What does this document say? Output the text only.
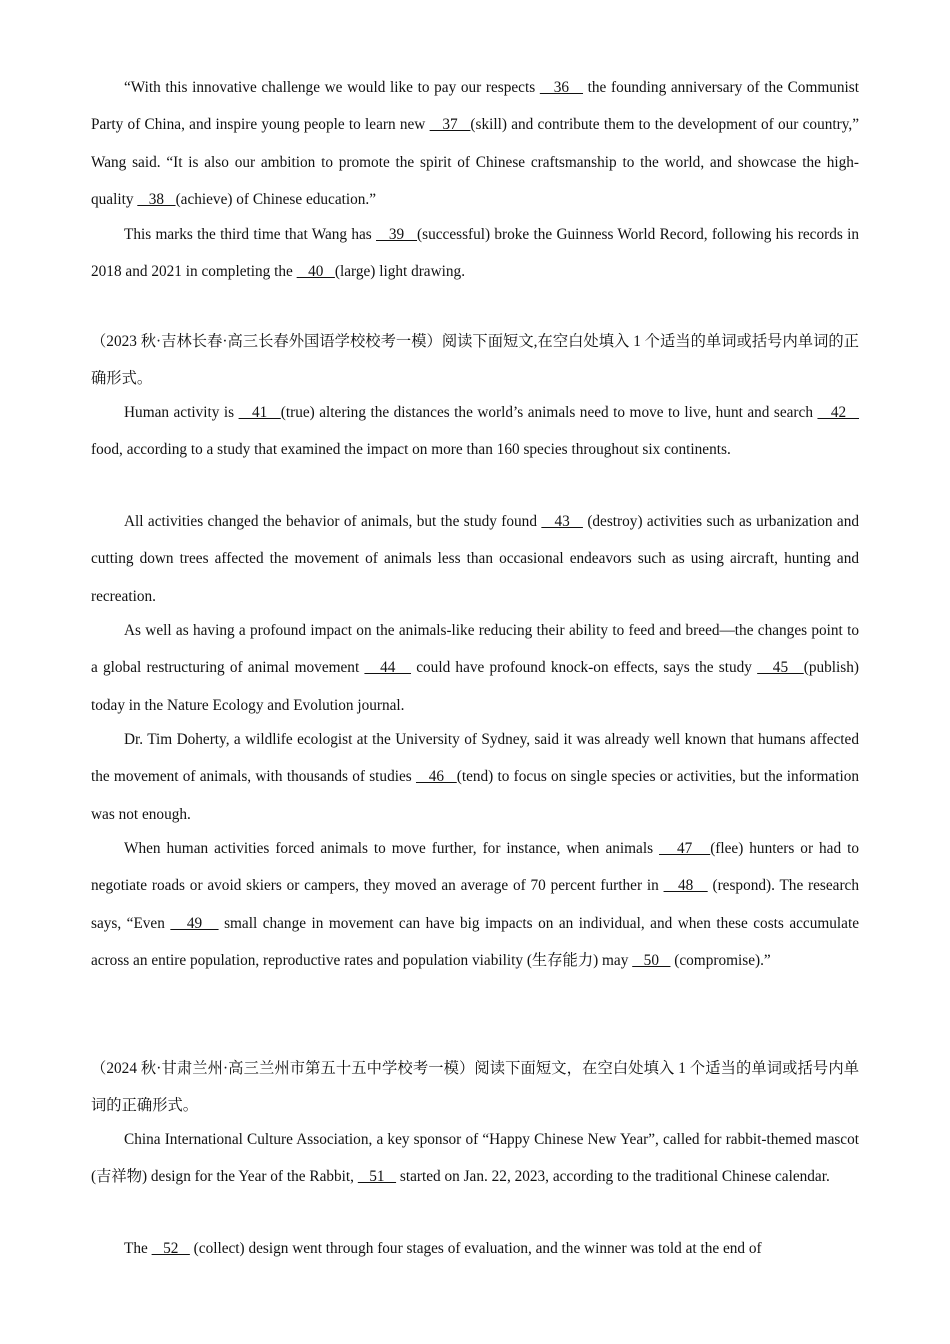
“With this innovative challenge we would like to pay our respects    36    the founding anniversary of the Communist Party of China, and inspire young people to learn new    37   (skill) and contribute them to the development of our country,” Wang said. “It is also our ambition to promote the spirit of Chinese craftsmanship to the world, and showcase the high-quality    38   (achieve) of Chinese education.”

This marks the third time that Wang has    39   (successful) broke the Guinness World Record, following his records in 2018 and 2021 in completing the    40   (large) light drawing.

（2023 秋·吉林长春·高三长春外国语学校校考一模）阅读下面短文,在空白处填入 1 个适当的单词或括号内单词的正确形式。

Human activity is    41   (true) altering the distances the world’s animals need to move to live, hunt and search    42    food, according to a study that examined the impact on more than 160 species throughout six continents.

All activities changed the behavior of animals, but the study found    43    (destroy) activities such as urbanization and cutting down trees affected the movement of animals less than occasional endeavors such as using aircraft, hunting and recreation.

As well as having a profound impact on the animals-like reducing their ability to feed and breed—the changes point to a global restructuring of animal movement    44    could have profound knock-on effects, says the study    45   (publish) today in the Nature Ecology and Evolution journal.

Dr. Tim Doherty, a wildlife ecologist at the University of Sydney, said it was already well known that humans affected the movement of animals, with thousands of studies    46   (tend) to focus on single species or activities, but the information was not enough.

When human activities forced animals to move further, for instance, when animals    47   (flee) hunters or had to negotiate roads or avoid skiers or campers, they moved an average of 70 percent further in    48    (respond). The research says, “Even    49    small change in movement can have big impacts on an individual, and when these costs accumulate across an entire population, reproductive rates and population viability (生存能力) may    50    (compromise).”

（2024 秋·甘肃兰州·高三兰州市第五十五中学校考一模）阅读下面短文，在空白处填入 1 个适当的单词或括号内单词的正确形式。

China International Culture Association, a key sponsor of “Happy Chinese New Year”, called for rabbit-themed mascot (吉祥物) design for the Year of the Rabbit,    51    started on Jan. 22, 2023, according to the traditional Chinese calendar.

The    52    (collect) design went through four stages of evaluation, and the winner was told at the end of
